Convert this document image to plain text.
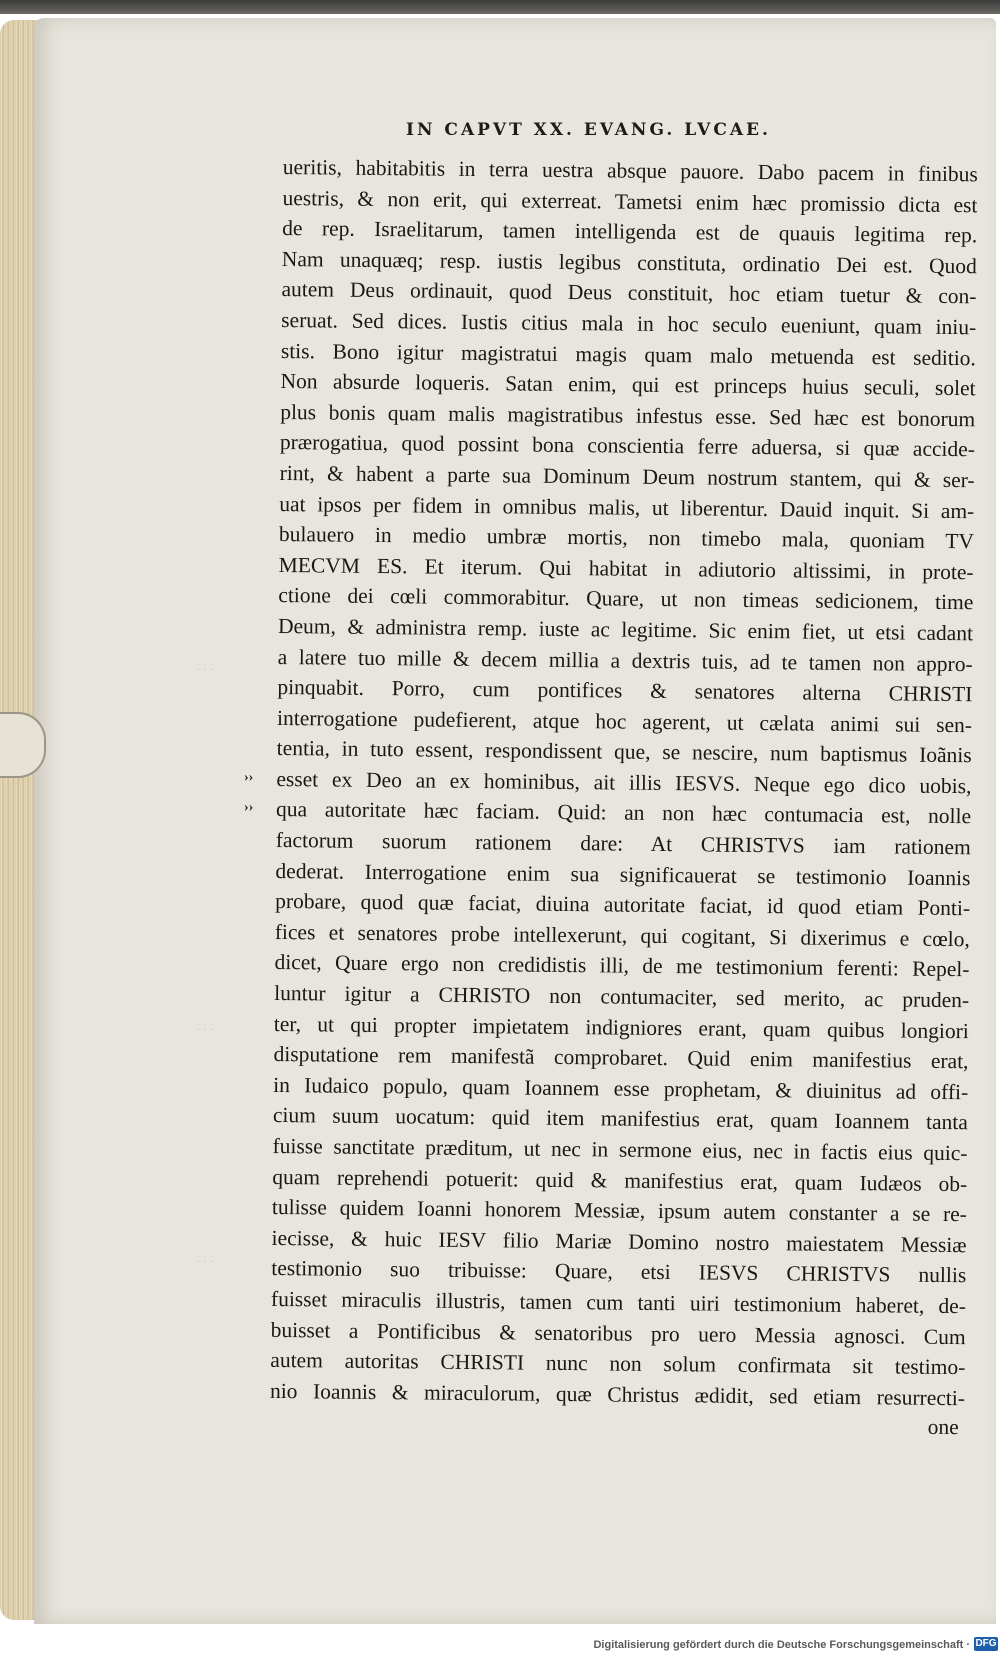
IN CAPVT XX. EVANG. LVCAE.
ueritis, habitabitis in terra uestra absque pauore. Dabo pacem in finibus
uestris, & non erit, qui exterreat. Tametsi enim hæc promissio dicta est
de rep. Israelitarum, tamen intelligenda est de quauis legitima rep.
Nam unaquæq; resp. iustis legibus constituta, ordinatio Dei est. Quod
autem Deus ordinauit, quod Deus constituit, hoc etiam tuetur & con-
seruat. Sed dices. Iustis citius mala in hoc seculo eueniunt, quam iniu-
stis. Bono igitur magistratui magis quam malo metuenda est seditio.
Non absurde loqueris. Satan enim, qui est princeps huius seculi, solet
plus bonis quam malis magistratibus infestus esse. Sed hæc est bonorum
prærogatiua, quod possint bona conscientia ferre aduersa, si quæ accide-
rint, & habent a parte sua Dominum Deum nostrum stantem, qui & ser-
uat ipsos per fidem in omnibus malis, ut liberentur. Dauid inquit. Si am-
bulauero in medio umbræ mortis, non timebo mala, quoniam TV
MECVM ES. Et iterum. Qui habitat in adiutorio altissimi, in prote-
ctione dei cœli commorabitur. Quare, ut non timeas sedicionem, time
Deum, & administra remp. iuste ac legitime. Sic enim fiet, ut etsi cadant
a latere tuo mille & decem millia a dextris tuis, ad te tamen non appro-
pinquabit. Porro, cum pontifices & senatores alterna CHRISTI
interrogatione pudefierent, atque hoc agerent, ut cælata animi sui sen-
tentia, in tuto essent, respondissent que, se nescire, num baptismus Ioãnis
esset ex Deo an ex hominibus, ait illis IESVS. Neque ego dico uobis,
qua autoritate hæc faciam. Quid: an non hæc contumacia est, nolle
factorum suorum rationem dare: At CHRISTVS iam rationem
dederat. Interrogatione enim sua significauerat se testimonio Ioannis
probare, quod quæ faciat, diuina autoritate faciat, id quod etiam Ponti-
fices et senatores probe intellexerunt, qui cogitant, Si dixerimus e cœlo,
dicet, Quare ergo non credidistis illi, de me testimonium ferenti: Repel-
luntur igitur a CHRISTO non contumaciter, sed merito, ac pruden-
ter, ut qui propter impietatem indigniores erant, quam quibus longiori
disputatione rem manifestã comprobaret. Quid enim manifestius erat,
in Iudaico populo, quam Ioannem esse prophetam, & diuinitus ad offi-
cium suum uocatum: quid item manifestius erat, quam Ioannem tanta
fuisse sanctitate præditum, ut nec in sermone eius, nec in factis eius quic-
quam reprehendi potuerit: quid & manifestius erat, quam Iudæos ob-
tulisse quidem Ioanni honorem Messiæ, ipsum autem constanter a se re-
iecisse, & huic IESV filio Mariæ Domino nostro maiestatem Messiæ
testimonio suo tribuisse: Quare, etsi IESVS CHRISTVS nullis
fuisset miraculis illustris, tamen cum tanti uiri testimonium haberet, de-
buisset a Pontificibus & senatoribus pro uero Messia agnosci. Cum
autem autoritas CHRISTI nunc non solum confirmata sit testimo-
nio Ioannis & miraculorum, quæ Christus ædidit, sed etiam resurrecti-
one
››
››
· · ·
· · ·
· · ·
Digitalisierung gefördert durch die Deutsche Forschungsgemeinschaft · DFG
